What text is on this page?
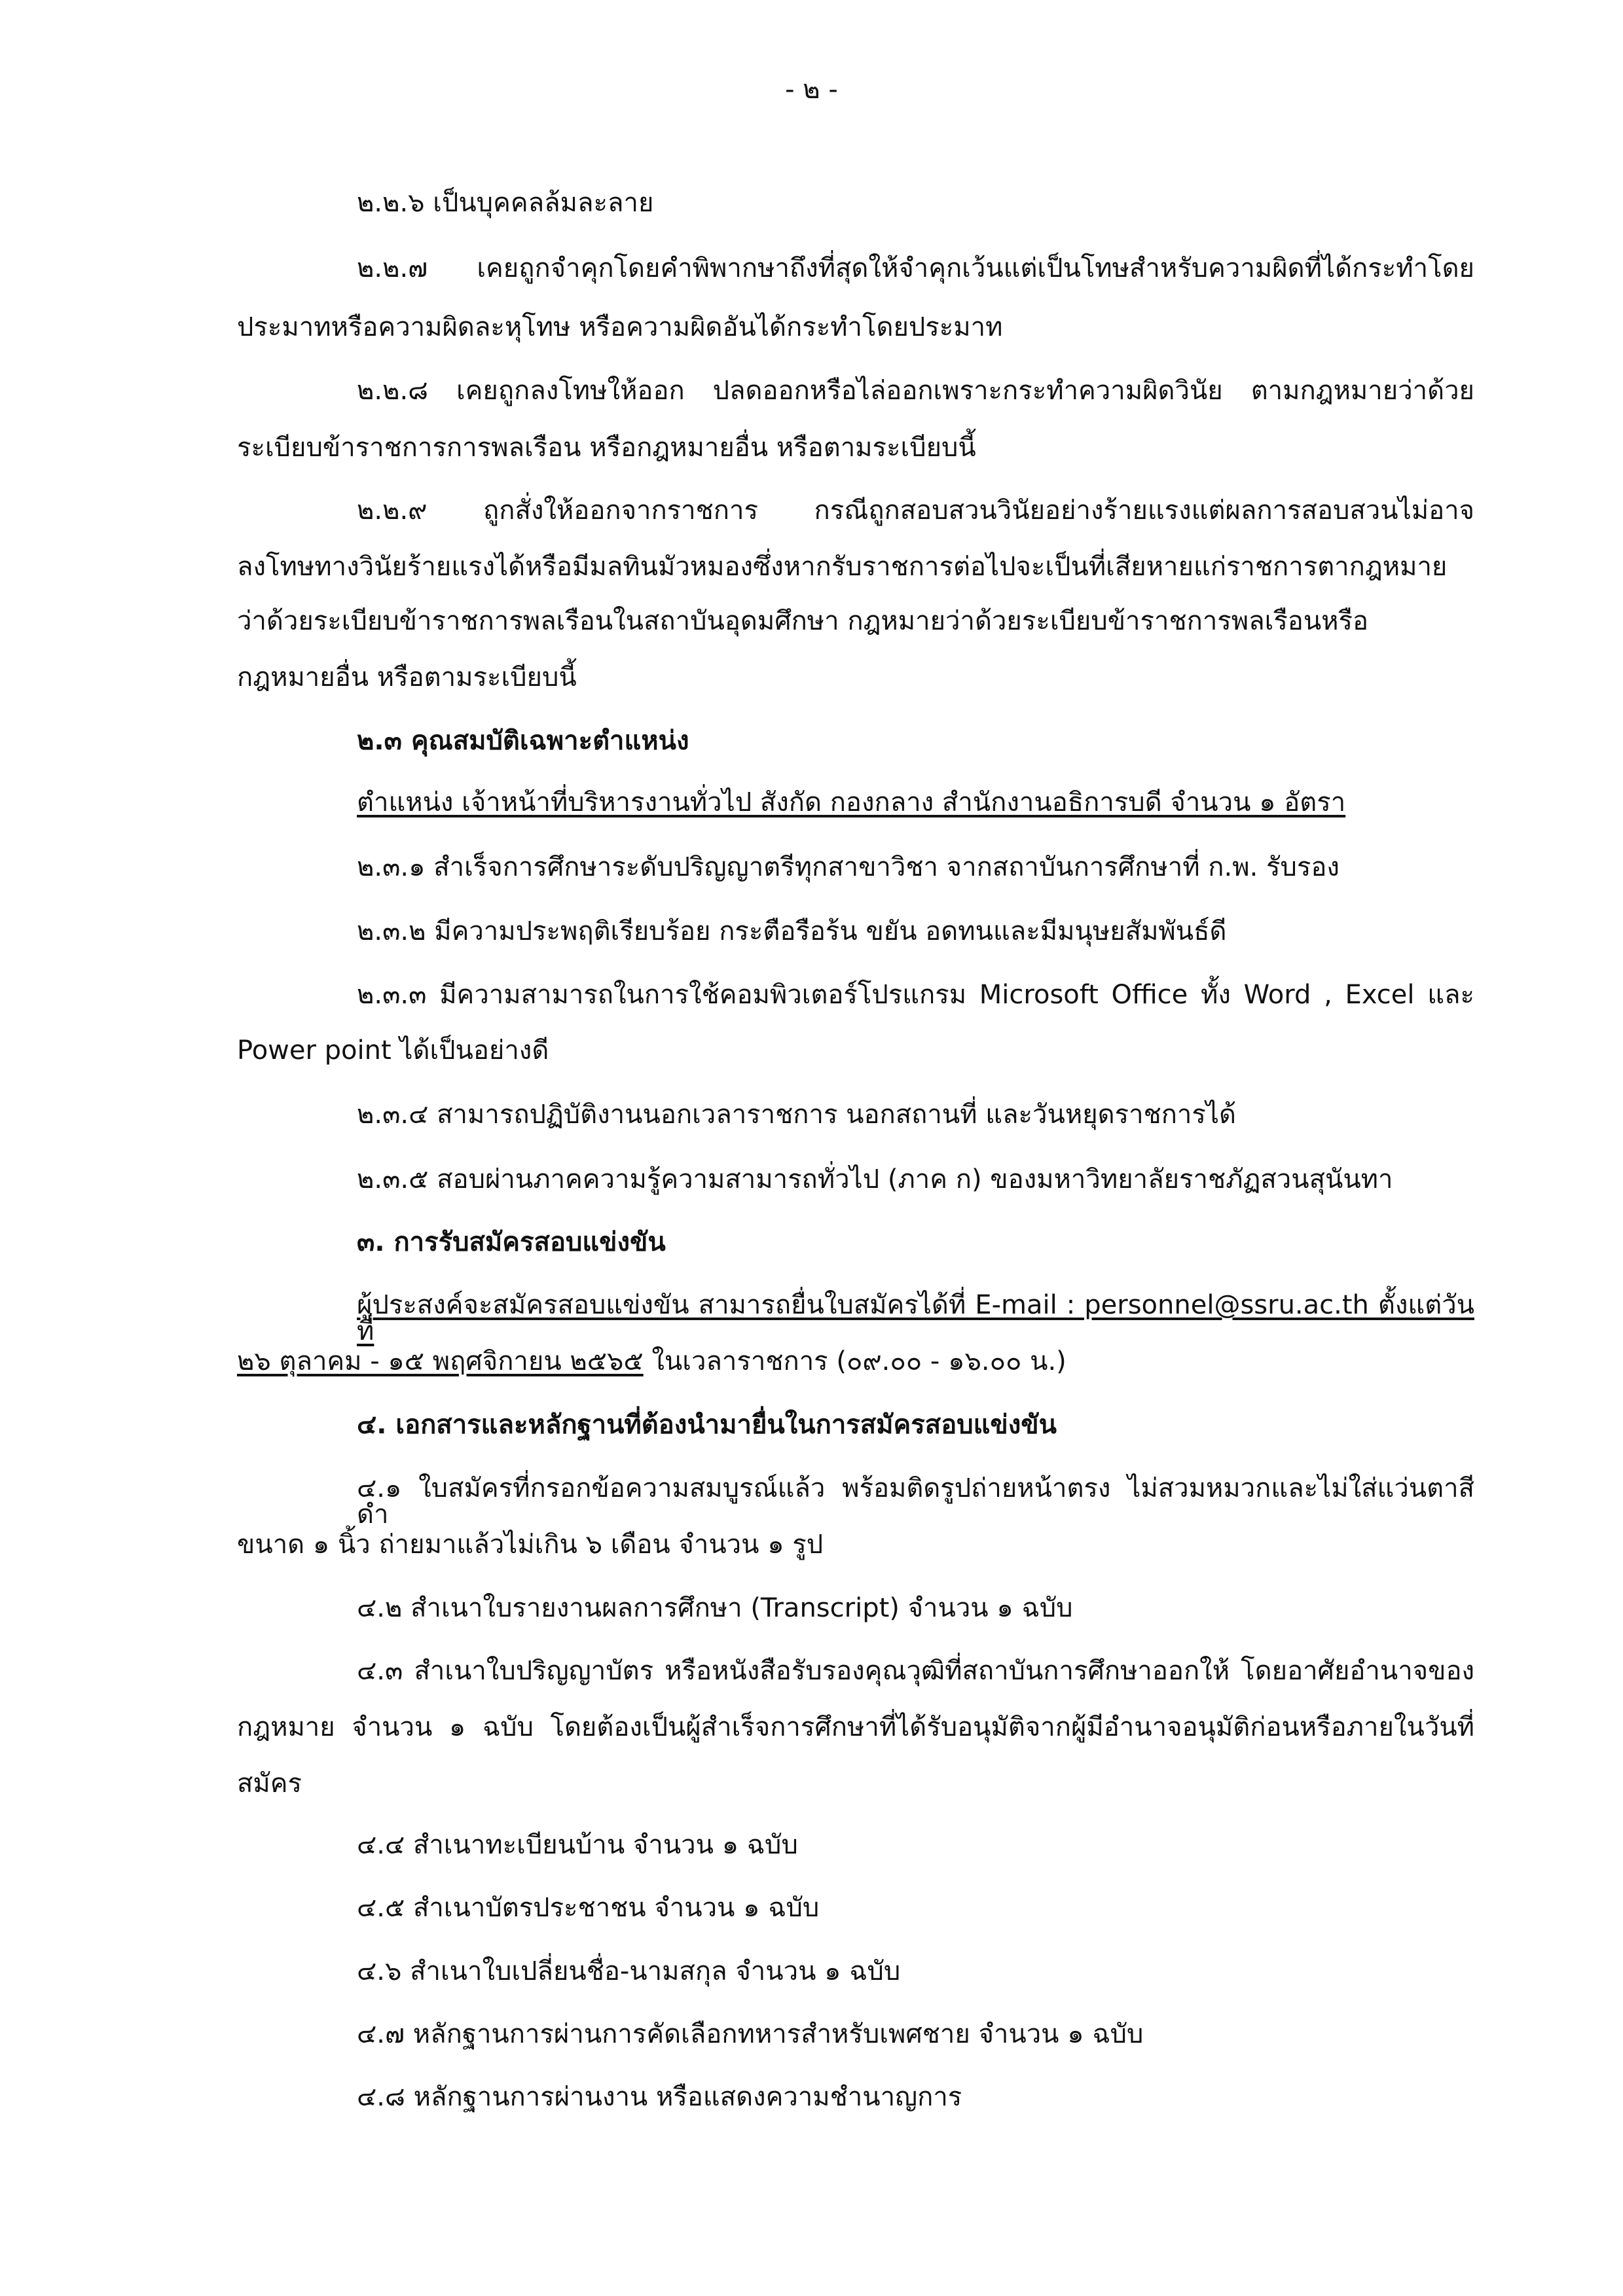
- ๒ -
๒.๒.๖ เป็นบุคคลล้มละลาย
๒.๒.๗ เคยถูกจำคุกโดยคำพิพากษาถึงที่สุดให้จำคุกเว้นแต่เป็นโทษสำหรับความผิดที่ได้กระทำโดย
ประมาทหรือความผิดละหุโทษ หรือความผิดอันได้กระทำโดยประมาท
๒.๒.๘ เคยถูกลงโทษให้ออก ปลดออกหรือไล่ออกเพราะกระทำความผิดวินัย ตามกฎหมายว่าด้วย
ระเบียบข้าราชการการพลเรือน หรือกฎหมายอื่น หรือตามระเบียบนี้
๒.๒.๙ ถูกสั่งให้ออกจากราชการ กรณีถูกสอบสวนวินัยอย่างร้ายแรงแต่ผลการสอบสวนไม่อาจ
ลงโทษทางวินัยร้ายแรงได้หรือมีมลทินมัวหมองซึ่งหากรับราชการต่อไปจะเป็นที่เสียหายแก่ราชการตากฎหมาย
ว่าด้วยระเบียบข้าราชการพลเรือนในสถาบันอุดมศึกษา กฎหมายว่าด้วยระเบียบข้าราชการพลเรือนหรือ
กฎหมายอื่น หรือตามระเบียบนี้
๒.๓ คุณสมบัติเฉพาะตำแหน่ง
ตำแหน่ง เจ้าหน้าที่บริหารงานทั่วไป สังกัด กองกลาง สำนักงานอธิการบดี จำนวน ๑ อัตรา
๒.๓.๑ สำเร็จการศึกษาระดับปริญญาตรีทุกสาขาวิชา จากสถาบันการศึกษาที่ ก.พ. รับรอง
๒.๓.๒ มีความประพฤติเรียบร้อย กระตือรือร้น ขยัน อดทนและมีมนุษยสัมพันธ์ดี
๒.๓.๓ มีความสามารถในการใช้คอมพิวเตอร์โปรแกรม Microsoft Office ทั้ง Word , Excel และ
Power point ได้เป็นอย่างดี
๒.๓.๔ สามารถปฏิบัติงานนอกเวลาราชการ นอกสถานที่ และวันหยุดราชการได้
๒.๓.๕ สอบผ่านภาคความรู้ความสามารถทั่วไป (ภาค ก) ของมหาวิทยาลัยราชภัฏสวนสุนันทา
๓. การรับสมัครสอบแข่งขัน
ผู้ประสงค์จะสมัครสอบแข่งขัน สามารถยื่นใบสมัครได้ที่ E-mail : personnel@ssru.ac.th ตั้งแต่วันที่
๒๖ ตุลาคม - ๑๕ พฤศจิกายน ๒๕๖๕ ในเวลาราชการ (๐๙.๐๐ - ๑๖.๐๐ น.)
๔. เอกสารและหลักฐานที่ต้องนำมายื่นในการสมัครสอบแข่งขัน
๔.๑ ใบสมัครที่กรอกข้อความสมบูรณ์แล้ว พร้อมติดรูปถ่ายหน้าตรง ไม่สวมหมวกและไม่ใส่แว่นตาสีดำ
ขนาด ๑ นิ้ว ถ่ายมาแล้วไม่เกิน ๖ เดือน จำนวน ๑ รูป
๔.๒ สำเนาใบรายงานผลการศึกษา (Transcript) จำนวน ๑ ฉบับ
๔.๓ สำเนาใบปริญญาบัตร หรือหนังสือรับรองคุณวุฒิที่สถาบันการศึกษาออกให้ โดยอาศัยอำนาจของ
กฎหมาย จำนวน ๑ ฉบับ โดยต้องเป็นผู้สำเร็จการศึกษาที่ได้รับอนุมัติจากผู้มีอำนาจอนุมัติก่อนหรือภายในวันที่
สมัคร
๔.๔ สำเนาทะเบียนบ้าน จำนวน ๑ ฉบับ
๔.๕ สำเนาบัตรประชาชน จำนวน ๑ ฉบับ
๔.๖ สำเนาใบเปลี่ยนชื่อ-นามสกุล จำนวน ๑ ฉบับ
๔.๗ หลักฐานการผ่านการคัดเลือกทหารสำหรับเพศชาย จำนวน ๑ ฉบับ
๔.๘ หลักฐานการผ่านงาน หรือแสดงความชำนาญการ
